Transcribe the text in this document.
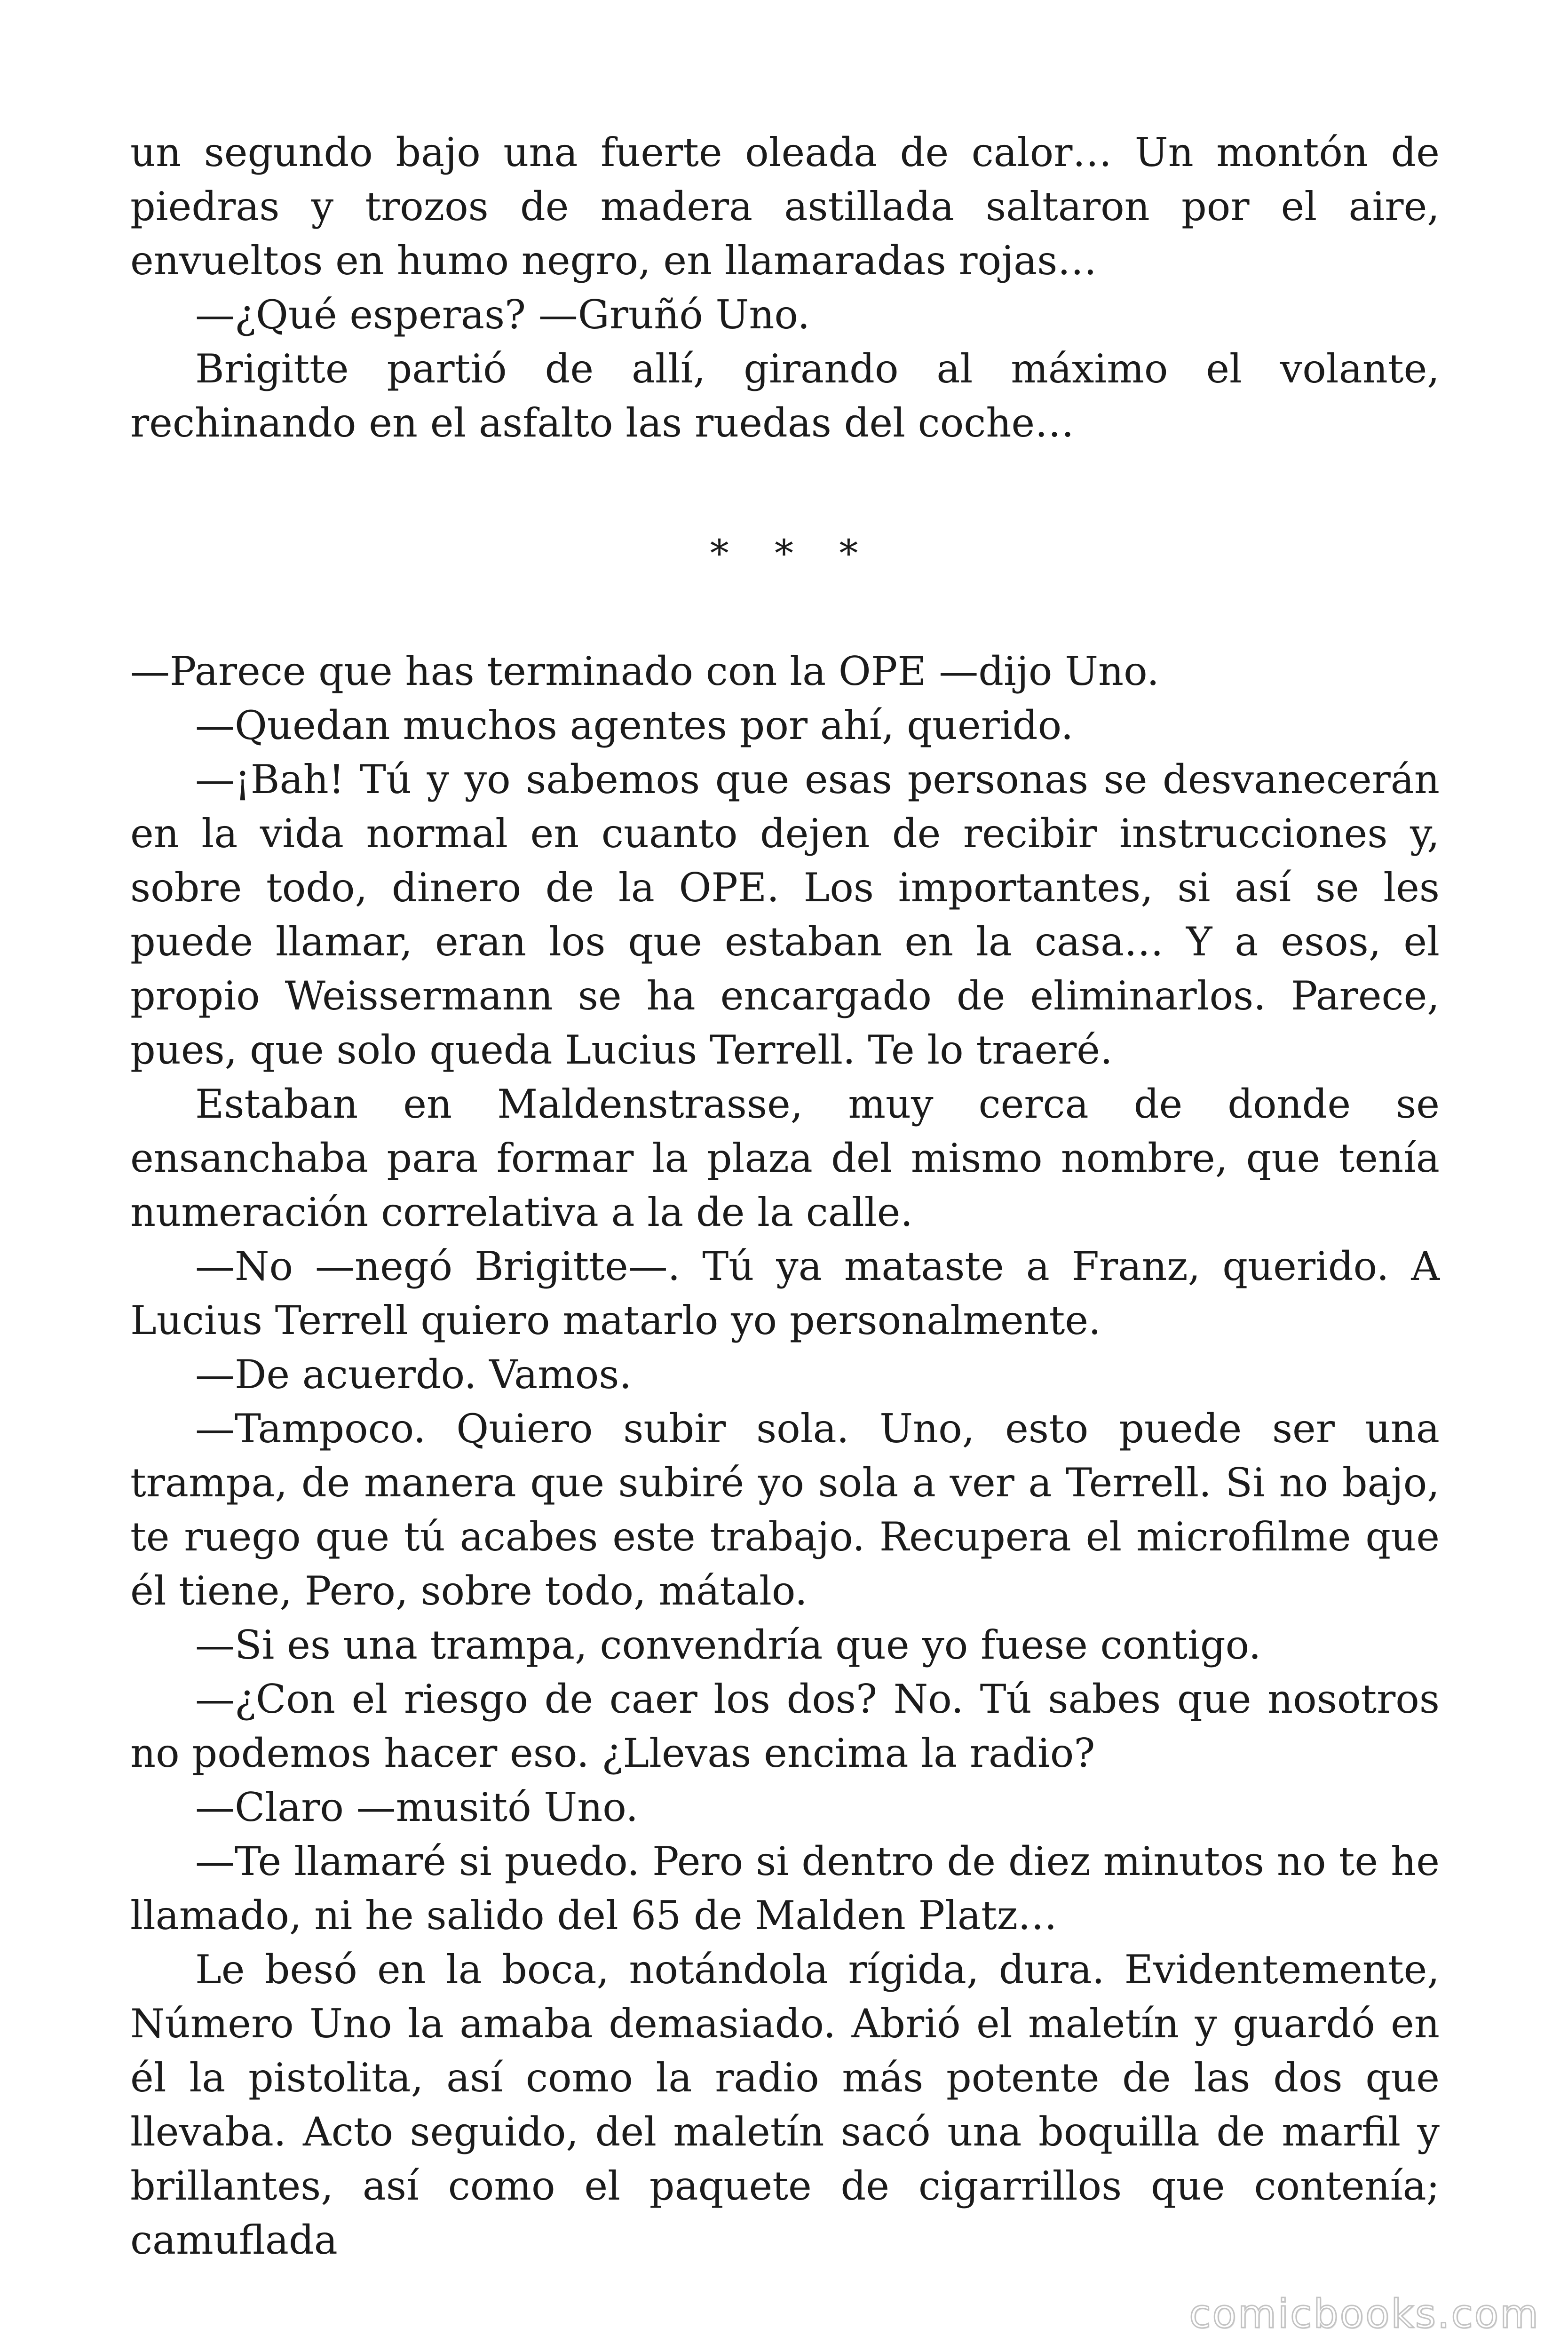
un segundo bajo una fuerte oleada de calor… Un montón de piedras y trozos de madera astillada saltaron por el aire, envueltos en humo negro, en llamaradas rojas…

—¿Qué esperas? —Gruñó Uno.

Brigitte partió de allí, girando al máximo el volante, rechinando en el asfalto las ruedas del coche…

* * *

—Parece que has terminado con la OPE —dijo Uno.

—Quedan muchos agentes por ahí, querido.

—¡Bah! Tú y yo sabemos que esas personas se desvanecerán en la vida normal en cuanto dejen de recibir instrucciones y, sobre todo, dinero de la OPE. Los importantes, si así se les puede llamar, eran los que estaban en la casa… Y a esos, el propio Weissermann se ha encargado de eliminarlos. Parece, pues, que solo queda Lucius Terrell. Te lo traeré.

Estaban en Maldenstrasse, muy cerca de donde se ensanchaba para formar la plaza del mismo nombre, que tenía numeración correlativa a la de la calle.

—No —negó Brigitte—. Tú ya mataste a Franz, querido. A Lucius Terrell quiero matarlo yo personalmente.

—De acuerdo. Vamos.

—Tampoco. Quiero subir sola. Uno, esto puede ser una trampa, de manera que subiré yo sola a ver a Terrell. Si no bajo, te ruego que tú acabes este trabajo. Recupera el microfilme que él tiene, Pero, sobre todo, mátalo.

—Si es una trampa, convendría que yo fuese contigo.

—¿Con el riesgo de caer los dos? No. Tú sabes que nosotros no podemos hacer eso. ¿Llevas encima la radio?

—Claro —musitó Uno.

—Te llamaré si puedo. Pero si dentro de diez minutos no te he llamado, ni he salido del 65 de Malden Platz…

Le besó en la boca, notándola rígida, dura. Evidentemente, Número Uno la amaba demasiado. Abrió el maletín y guardó en él la pistolita, así como la radio más potente de las dos que llevaba. Acto seguido, del maletín sacó una boquilla de marfil y brillantes, así como el paquete de cigarrillos que contenía; camuflada

comicbooks.com
